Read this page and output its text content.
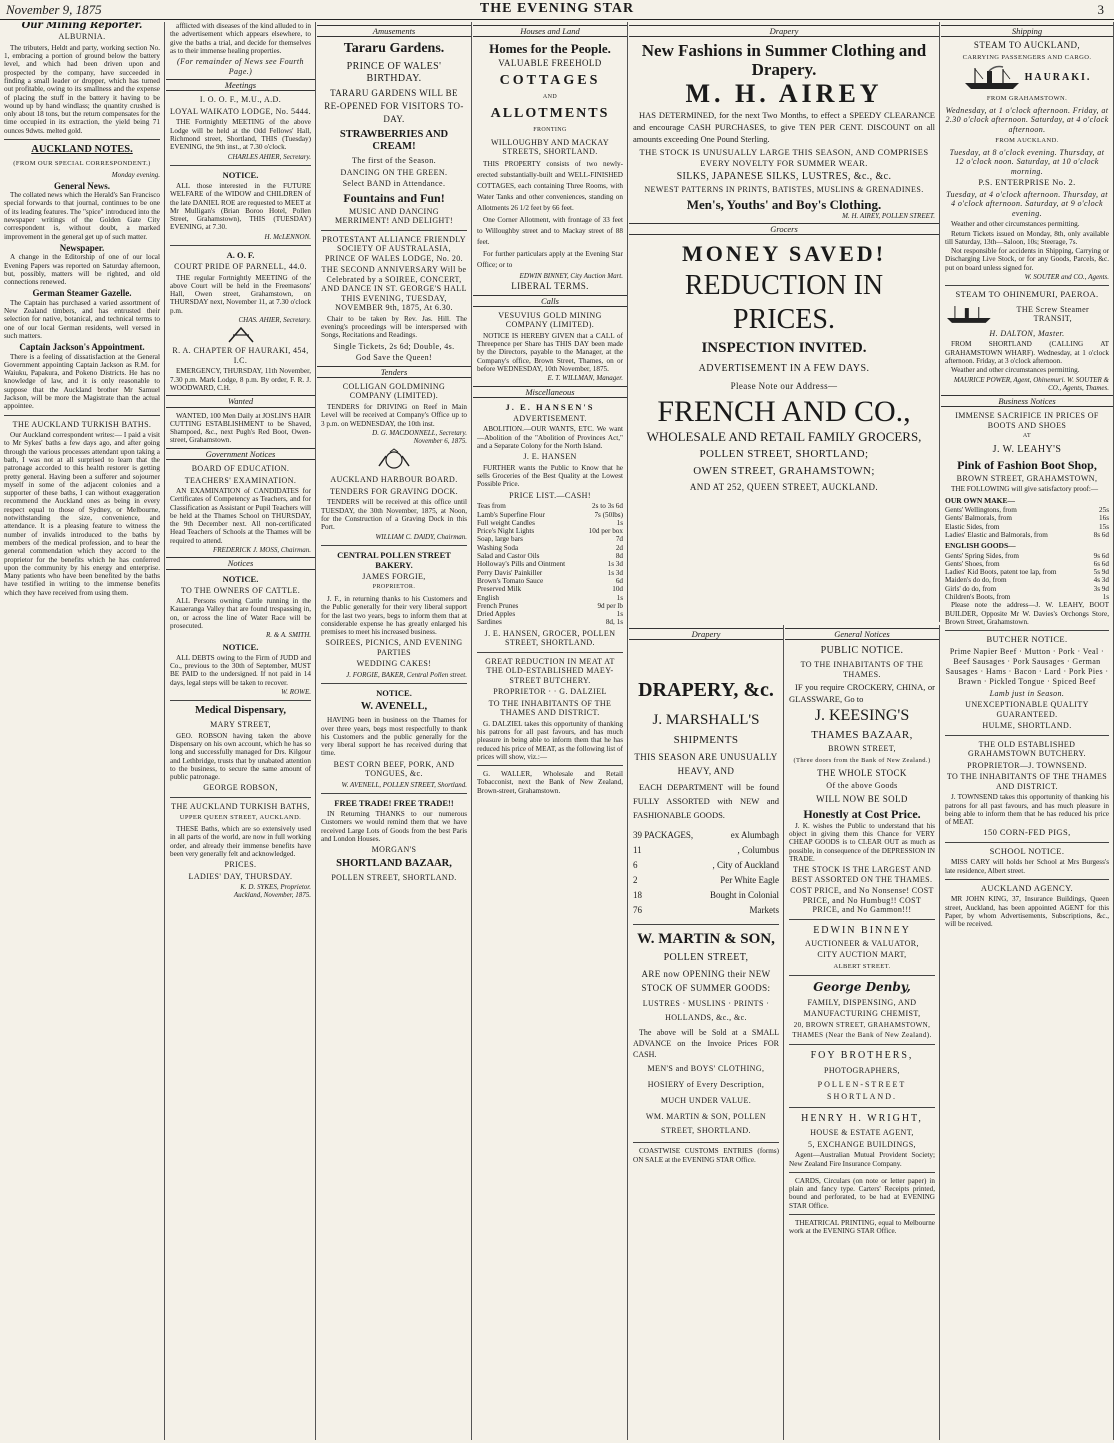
November 9, 1875	THE EVENING STAR	3
Our Mining Reporter.
ALBURNIA.

The tributers, Heldt and party, working section No. 1, embracing a portion of ground below the battery level, and which had been driven upon and prospected by the company, have succeeded in finding a small leader or dropper, which has turned out profitable, owing to its smallness and the expense of placing the stuff in the battery it having to be wound up by hand windlass; the quantity crushed is only about 18 tons, but the return compensates for the time occupied in its extraction, the yield being 71 ounces 9dwts. melted gold.

AUCKLAND NOTES.
(FROM OUR SPECIAL CORRESPONDENT.)
Monday evening.
General News.

The collated news which the Herald's San Francisco special forwards to that journal, continues to be one of its leading features. The "spice" introduced into the newspaper writings of the Golden Gate City correspondent is, without doubt, a marked improvement in the general get up of such matter.

Newspaper.

A change in the Editorship of one of our local Evening Papers was reported on Saturday afternoon, but, possibly, matters will be righted, and old connections renewed.

German Steamer Gazelle.

The Captain has purchased a varied assortment of New Zealand timbers, and has entrusted their selection for native, botanical, and technical terms to one of our local German residents, well versed in such matters.

Captain Jackson's Appointment.

There is a feeling of dissatisfaction at the General Government appointing Captain Jackson as R.M. for Waiuku, Papakura, and Pokeno Districts. He has no knowledge of law, and it is only reasonable to suppose that the Auckland brother Mr Samuel Jackson, will be more the Magistrate than the actual appointee.

THE AUCKLAND TURKISH BATHS.

Our Auckland correspondent writes:— I paid a visit to Mr Sykes' baths a few days ago, and after going through the various processes attendant upon taking a bath, I was not at all surprised to learn that the patronage accorded to this health restorer is getting pretty general. Having been a sufferer and sojourner myself in some of the adjacent colonies and a supporter of these baths, I can without exaggeration recommend the Auckland ones as being in every respect equal to those of Sydney, or Melbourne, notwithstanding the size, convenience, and attendance. It is a pleasing feature to witness the number of invalids introduced to the baths by members of the medical profession, and to hear the general commendation which they accord to the proprietor for the benefits which he has conferred upon the community by his energy and enterprise. Many patients who have been benefited by the baths have testified in writing to the immense benefits which they have received from using them.

afflicted with diseases of the kind alluded to in the advertisement which appears elsewhere, to give the baths a trial, and decide for themselves as to their immense healing properties.

(For remainder of News see Fourth Page.)
Meetings
I. O. O. F., M.U., A.D.
LOYAL WAIKATO LODGE, No. 5444.

THE Fortnightly MEETING of the above Lodge will be held at the Odd Fellows' Hall, Richmond street, Shortland, THIS (Tuesday) EVENING, the 9th inst., at 7.30 o'clock.

CHARLES AHIER, Secretary.
NOTICE.

ALL those interested in the FUTURE WELFARE of the WIDOW and CHILDREN of the late DANIEL ROE are requested to MEET at Mr Mulligan's (Brian Boroo Hotel, Pollen Street, Grahamstown), THIS (TUESDAY) EVENING, at 7.30.

H. McLENNON.
A. O. F.
COURT PRIDE OF PARNELL, 44.0.

THE regular Fortnightly MEETING of the above Court will be held in the Freemasons' Hall, Owen street, Grahamstown, on THURSDAY next, November 11, at 7.30 o'clock p.m.

CHAS. AHIER, Secretary.
R. A. CHAPTER OF HAURAKI, 454, I.C.

EMERGENCY, THURSDAY, 11th November, 7.30 p.m. Mark Lodge, 8 p.m. By order, F. R. J. WOODWARD, C.H.

Wanted

WANTED, 100 Men Daily at JOSLIN'S HAIR CUTTING ESTABLISHMENT to be Shaved, Shampoed, &c., next Pugh's Red Boot, Owen-street, Grahamstown.

Government Notices
BOARD OF EDUCATION.
TEACHERS' EXAMINATION.

AN EXAMINATION of CANDIDATES for Certificates of Competency as Teachers, and for Classification as Assistant or Pupil Teachers will be held at the Thames School on THURSDAY, the 9th December next. All non-certificated Head Teachers of Schools at the Thames will be required to attend.

FREDERICK J. MOSS, Chairman.
Notices
NOTICE.
TO THE OWNERS OF CATTLE.

ALL Persons owning Cattle running in the Kauaeranga Valley that are found trespassing in, on, or across the line of Water Race will be prosecuted.

R. & A. SMITH.
NOTICE.

ALL DEBTS owing to the Firm of JUDD and Co., previous to the 30th of September, MUST BE PAID to the undersigned. If not paid in 14 days, legal steps will be taken to recover.

W. ROWE.
Medical Dispensary,
MARY STREET,

GEO. ROBSON having taken the above Dispensary on his own account, which he has so long and successfully managed for Drs. Kilgour and Lethbridge, trusts that by unabated attention to the business, to secure the same amount of public patronage.

GEORGE ROBSON,
THE AUCKLAND TURKISH BATHS,
UPPER QUEEN STREET, AUCKLAND.

THESE Baths, which are so extensively used in all parts of the world, are now in full working order, and already their immense benefits have been very generally felt and acknowledged.

PRICES.
LADIES' DAY, THURSDAY.
K. D. SYKES, Proprietor.
Auckland, November, 1875.
Amusements
Tararu Gardens.
PRINCE OF WALES' BIRTHDAY.
TARARU GARDENS WILL BE RE-OPENED FOR VISITORS TO-DAY.
STRAWBERRIES AND CREAM!
The first of the Season.
DANCING ON THE GREEN.
Select BAND in Attendance.
Fountains and Fun!
MUSIC AND DANCING MERRIMENT! AND DELIGHT!
PROTESTANT ALLIANCE FRIENDLY SOCIETY OF AUSTRALASIA, PRINCE OF WALES LODGE, No. 20.
THE SECOND ANNIVERSARY Will be Celebrated by a SOIREE, CONCERT, AND DANCE IN ST. GEORGE'S HALL THIS EVENING, TUESDAY, NOVEMBER 9th, 1875, At 6.30.

Chair to be taken by Rev. Jas. Hill. The evening's proceedings will be interspersed with Songs, Recitations and Readings.

Single Tickets, 2s 6d; Double, 4s.
God Save the Queen!
Tenders
COLLIGAN GOLDMINING COMPANY (LIMITED).

TENDERS for DRIVING on Reef in Main Level will be received at Company's Office up to 3 p.m. on WEDNESDAY, the 10th inst.

D. G. MACDONNELL, Secretary.
November 6, 1875.
AUCKLAND HARBOUR BOARD.
TENDERS FOR GRAVING DOCK.

TENDERS will be received at this office until TUESDAY, the 30th November, 1875, at Noon, for the Construction of a Graving Dock in this Port.

WILLIAM C. DAlDY, Chairman.
CENTRAL POLLEN STREET BAKERY.
JAMES FORGIE,
PROPRIETOR.

J. F., in returning thanks to his Customers and the Public generally for their very liberal support for the last two years, begs to inform them that at considerable expense he has greatly enlarged his premises to meet his increased business.

SOIREES, PICNICS, AND EVENING PARTIES
WEDDING CAKES!
J. FORGIE, BAKER, Central Pollen street.
NOTICE.
W. AVENELL,

HAVING been in business on the Thames for over three years, begs most respectfully to thank his Customers and the public generally for the very liberal support he has received during that time.

BEST CORN BEEF, PORK, AND TONGUES, &c.
W. AVENELL, POLLEN STREET, Shortland.
FREE TRADE! FREE TRADE!!

IN Returning THANKS to our numerous Customers we would remind them that we have received Large Lots of Goods from the best Paris and London Houses.

MORGAN'S
SHORTLAND BAZAAR,
POLLEN STREET, SHORTLAND.
Houses and Land
Homes for the People.
VALUABLE FREEHOLD
COTTAGES
AND
ALLOTMENTS
FRONTING
WILLOUGHBY AND MACKAY STREETS, SHORTLAND.

THIS PROPERTY consists of two newly-erected substantially-built and WELL-FINISHED COTTAGES, each containing Three Rooms, with Water Tanks and other conveniences, standing on Allotments 26 1/2 feet by 66 feet.

One Corner Allotment, with frontage of 33 feet to Willoughby street and to Mackay street of 88 feet.

For further particulars apply at the Evening Star Office; or to

EDWIN BINNEY, City Auction Mart.
LIBERAL TERMS.
Calls
VESUVIUS GOLD MINING COMPANY (LIMITED).

NOTICE IS HEREBY GIVEN that a CALL of Threepence per Share has THIS DAY been made by the Directors, payable to the Manager, at the Company's office, Brown Street, Thames, on or before WEDNESDAY, 10th November, 1875.

E. T. WILLMAN, Manager.
Miscellaneous
J. E. HANSEN'S
ADVERTISEMENT.

ABOLITION.—OUR WANTS, ETC. We want—Abolition of the "Abolition of Provinces Act," and a Separate Colony for the North Island.

J. E. HANSEN

FURTHER wants the Public to Know that he sells Groceries of the Best Quality at the Lowest Possible Price.

PRICE LIST.—CASH!
Teas from	2s to 3s 6d
Lamb's Superfine Flour	7s (50lbs)
Full weight Candles	1s
Price's Night Lights	10d per box
Soap, large bars	7d
Washing Soda	2d
Salad and Castor Oils	8d
Holloway's Pills and Ointment	1s 3d
Perry Davis' Painkiller	1s 3d
Brown's Tomato Sauce	6d
Preserved Milk	10d
English	1s
French Prunes	9d per lb
Dried Apples	1s
Sardines	8d, 1s
J. E. HANSEN, GROCER, POLLEN STREET, SHORTLAND.
GREAT REDUCTION IN MEAT AT THE OLD-ESTABLISHED MAEY-STREET BUTCHERY.
PROPRIETOR · · G. DALZIEL
TO THE INHABITANTS OF THE THAMES AND DISTRICT.

G. DALZIEL takes this opportunity of thanking his patrons for all past favours, and has much pleasure in being able to inform them that he has reduced his price of MEAT, as the following list of prices will show, viz.:—

G. WALLER, Wholesale and Retail Tobacconist, next the Bank of New Zealand, Brown-street, Grahamstown.

Drapery
New Fashions in Summer Clothing and Drapery.
M. H. AIREY

HAS DETERMINED, for the next Two Months, to effect a SPEEDY CLEARANCE and encourage CASH PURCHASES, to give TEN PER CENT. DISCOUNT on all amounts exceeding One Pound Sterling.

THE STOCK IS UNUSUALLY LARGE THIS SEASON, AND COMPRISES EVERY NOVELTY FOR SUMMER WEAR.
SILKS, JAPANESE SILKS, LUSTRES, &c., &c.
NEWEST PATTERNS IN PRINTS, BATISTES, MUSLINS & GRENADINES.
Men's, Youths' and Boy's Clothing.
M. H. AIREY, POLLEN STREET.
Grocers
MONEY SAVED!
REDUCTION IN PRICES.
INSPECTION INVITED.
ADVERTISEMENT IN A FEW DAYS.
Please Note our Address—
FRENCH AND CO.,
WHOLESALE AND RETAIL FAMILY GROCERS,
POLLEN STREET, SHORTLAND;
OWEN STREET, GRAHAMSTOWN;
AND AT 252, QUEEN STREET, AUCKLAND.
Drapery
DRAPERY, &c.
J. MARSHALL'S
SHIPMENTS
THIS SEASON ARE UNUSUALLY HEAVY, AND

EACH DEPARTMENT will be found FULLY ASSORTED with NEW and FASHIONABLE GOODS.

39 PACKAGES,	ex Alumbagh
11	, Columbus
6	, City of Auckland
2	Per White Eagle
18	Bought in Colonial
76	Markets
W. MARTIN & SON,
POLLEN STREET,
ARE now OPENING their NEW STOCK OF SUMMER GOODS:
LUSTRES · MUSLINS · PRINTS · HOLLANDS, &c., &c.

The above will be Sold at a SMALL ADVANCE on the Invoice Prices FOR CASH.

MEN'S and BOYS' CLOTHING,
HOSIERY of Every Description,
MUCH UNDER VALUE.
WM. MARTIN & SON, POLLEN STREET, SHORTLAND.

COASTWISE CUSTOMS ENTRIES (forms) ON SALE at the EVENING STAR Office.

General Notices
PUBLIC NOTICE.
TO THE INHABITANTS OF THE THAMES.

IF you require CROCKERY, CHINA, or GLASSWARE, Go to

J. KEESING'S
THAMES BAZAAR,
BROWN STREET,
(Three doors from the Bank of New Zealand.)
THE WHOLE STOCK
Of the above Goods
WILL NOW BE SOLD
Honestly at Cost Price.

J. K. wishes the Public to understand that his object in giving them this Chance for VERY CHEAP GOODS is to CLEAR OUT as much as possible, in consequence of the DEPRESSION IN TRADE.

THE STOCK IS THE LARGEST AND BEST ASSORTED ON THE THAMES.
COST PRICE, and No Nonsense! COST PRICE, and No Humbug!! COST PRICE, and No Gammon!!!
EDWIN BINNEY
AUCTIONEER & VALUATOR,
CITY AUCTION MART,
ALBERT STREET.
George Denby,
FAMILY, DISPENSING, AND MANUFACTURING CHEMIST,
20, BROWN STREET, GRAHAMSTOWN, THAMES (Near the Bank of New Zealand).
FOY BROTHERS,
PHOTOGRAPHERS,
POLLEN-STREET SHORTLAND.
HENRY H. WRIGHT,
HOUSE & ESTATE AGENT,
5, EXCHANGE BUILDINGS,

Agent—Australian Mutual Provident Society; New Zealand Fire Insurance Company.

CARDS, Circulars (on note or letter paper) in plain and fancy type. Carters' Receipts printed, bound and perforated, to be had at EVENING STAR Office.

THEATRICAL PRINTING, equal to Melbourne work at the EVENING STAR Office.

Shipping
STEAM TO AUCKLAND,
CARRYING PASSENGERS AND CARGO.
HAURAKI.
FROM GRAHAMSTOWN.
Wednesday, at 1 o'clock afternoon. Friday, at 2.30 o'clock afternoon. Saturday, at 4 o'clock afternoon.
FROM AUCKLAND.
Tuesday, at 8 o'clock evening. Thursday, at 12 o'clock noon. Saturday, at 10 o'clock morning.
P.S. ENTERPRISE No. 2.
Tuesday, at 4 o'clock afternoon. Thursday, at 4 o'clock afternoon. Saturday, at 9 o'clock evening.

Weather and other circumstances permitting.

Return Tickets issued on Monday, 8th, only available till Saturday, 13th—Saloon, 10s; Steerage, 7s.

Not responsible for accidents in Shipping, Carrying or Discharging Live Stock, or for any Goods, Parcels, &c. put on board unless signed for.

W. SOUTER and CO., Agents.
STEAM TO OHINEMURI, PAEROA.
THE Screw Steamer TRANSIT,
H. DALTON, Master.

FROM SHORTLAND (CALLING AT GRAHAMSTOWN WHARF). Wednesday, at 1 o'clock afternoon. Friday, at 3 o'clock afternoon.

Weather and other circumstances permitting.

MAURICE POWER, Agent, Ohinemuri. W. SOUTER & CO., Agents, Thames.
Business Notices
IMMENSE SACRIFICE IN PRICES OF BOOTS AND SHOES
AT
J. W. LEAHY'S
Pink of Fashion Boot Shop,
BROWN STREET, GRAHAMSTOWN,

THE FOLLOWING will give satisfactory proof:—

OUR OWN MAKE—
Gents' Wellingtons, from	25s
Gents' Balmorals, from	16s
Elastic Sides, from	15s
Ladies' Elastic and Balmorals, from	8s 6d
ENGLISH GOODS—
Gents' Spring Sides, from	9s 6d
Gents' Shoes, from	6s 6d
Ladies' Kid Boots, patent toe lap, from	5s 9d
Maiden's do do, from	4s 3d
Girls' do do, from	3s 9d
Children's Boots, from	1s

Please note the address—J. W. LEAHY, BOOT BUILDER, Opposite Mr W. Davies's Orchongs Store, Brown Street, Grahamstown.

BUTCHER NOTICE.
Prime Napier Beef · Mutton · Pork · Veal · Beef Sausages · Pork Sausages · German Sausages · Hams · Bacon · Lard · Pork Pies · Brawn · Pickled Tongue · Spiced Beef
Lamb just in Season.
UNEXCEPTIONABLE QUALITY GUARANTEED.
HULME, SHORTLAND.
THE OLD ESTABLISHED GRAHAMSTOWN BUTCHERY.
PROPRIETOR—J. TOWNSEND.
TO THE INHABITANTS OF THE THAMES AND DISTRICT.

J. TOWNSEND takes this opportunity of thanking his patrons for all past favours, and has much pleasure in being able to inform them that he has reduced his price of MEAT.

150 CORN-FED PIGS,
SCHOOL NOTICE.

MISS CARY will holds her School at Mrs Burgess's late residence, Albert street.

AUCKLAND AGENCY.

MR JOHN KING, 37, Insurance Buildings, Queen street, Auckland, has been appointed AGENT for this Paper, by whom Advertisements, Subscriptions, &c., will be received.
